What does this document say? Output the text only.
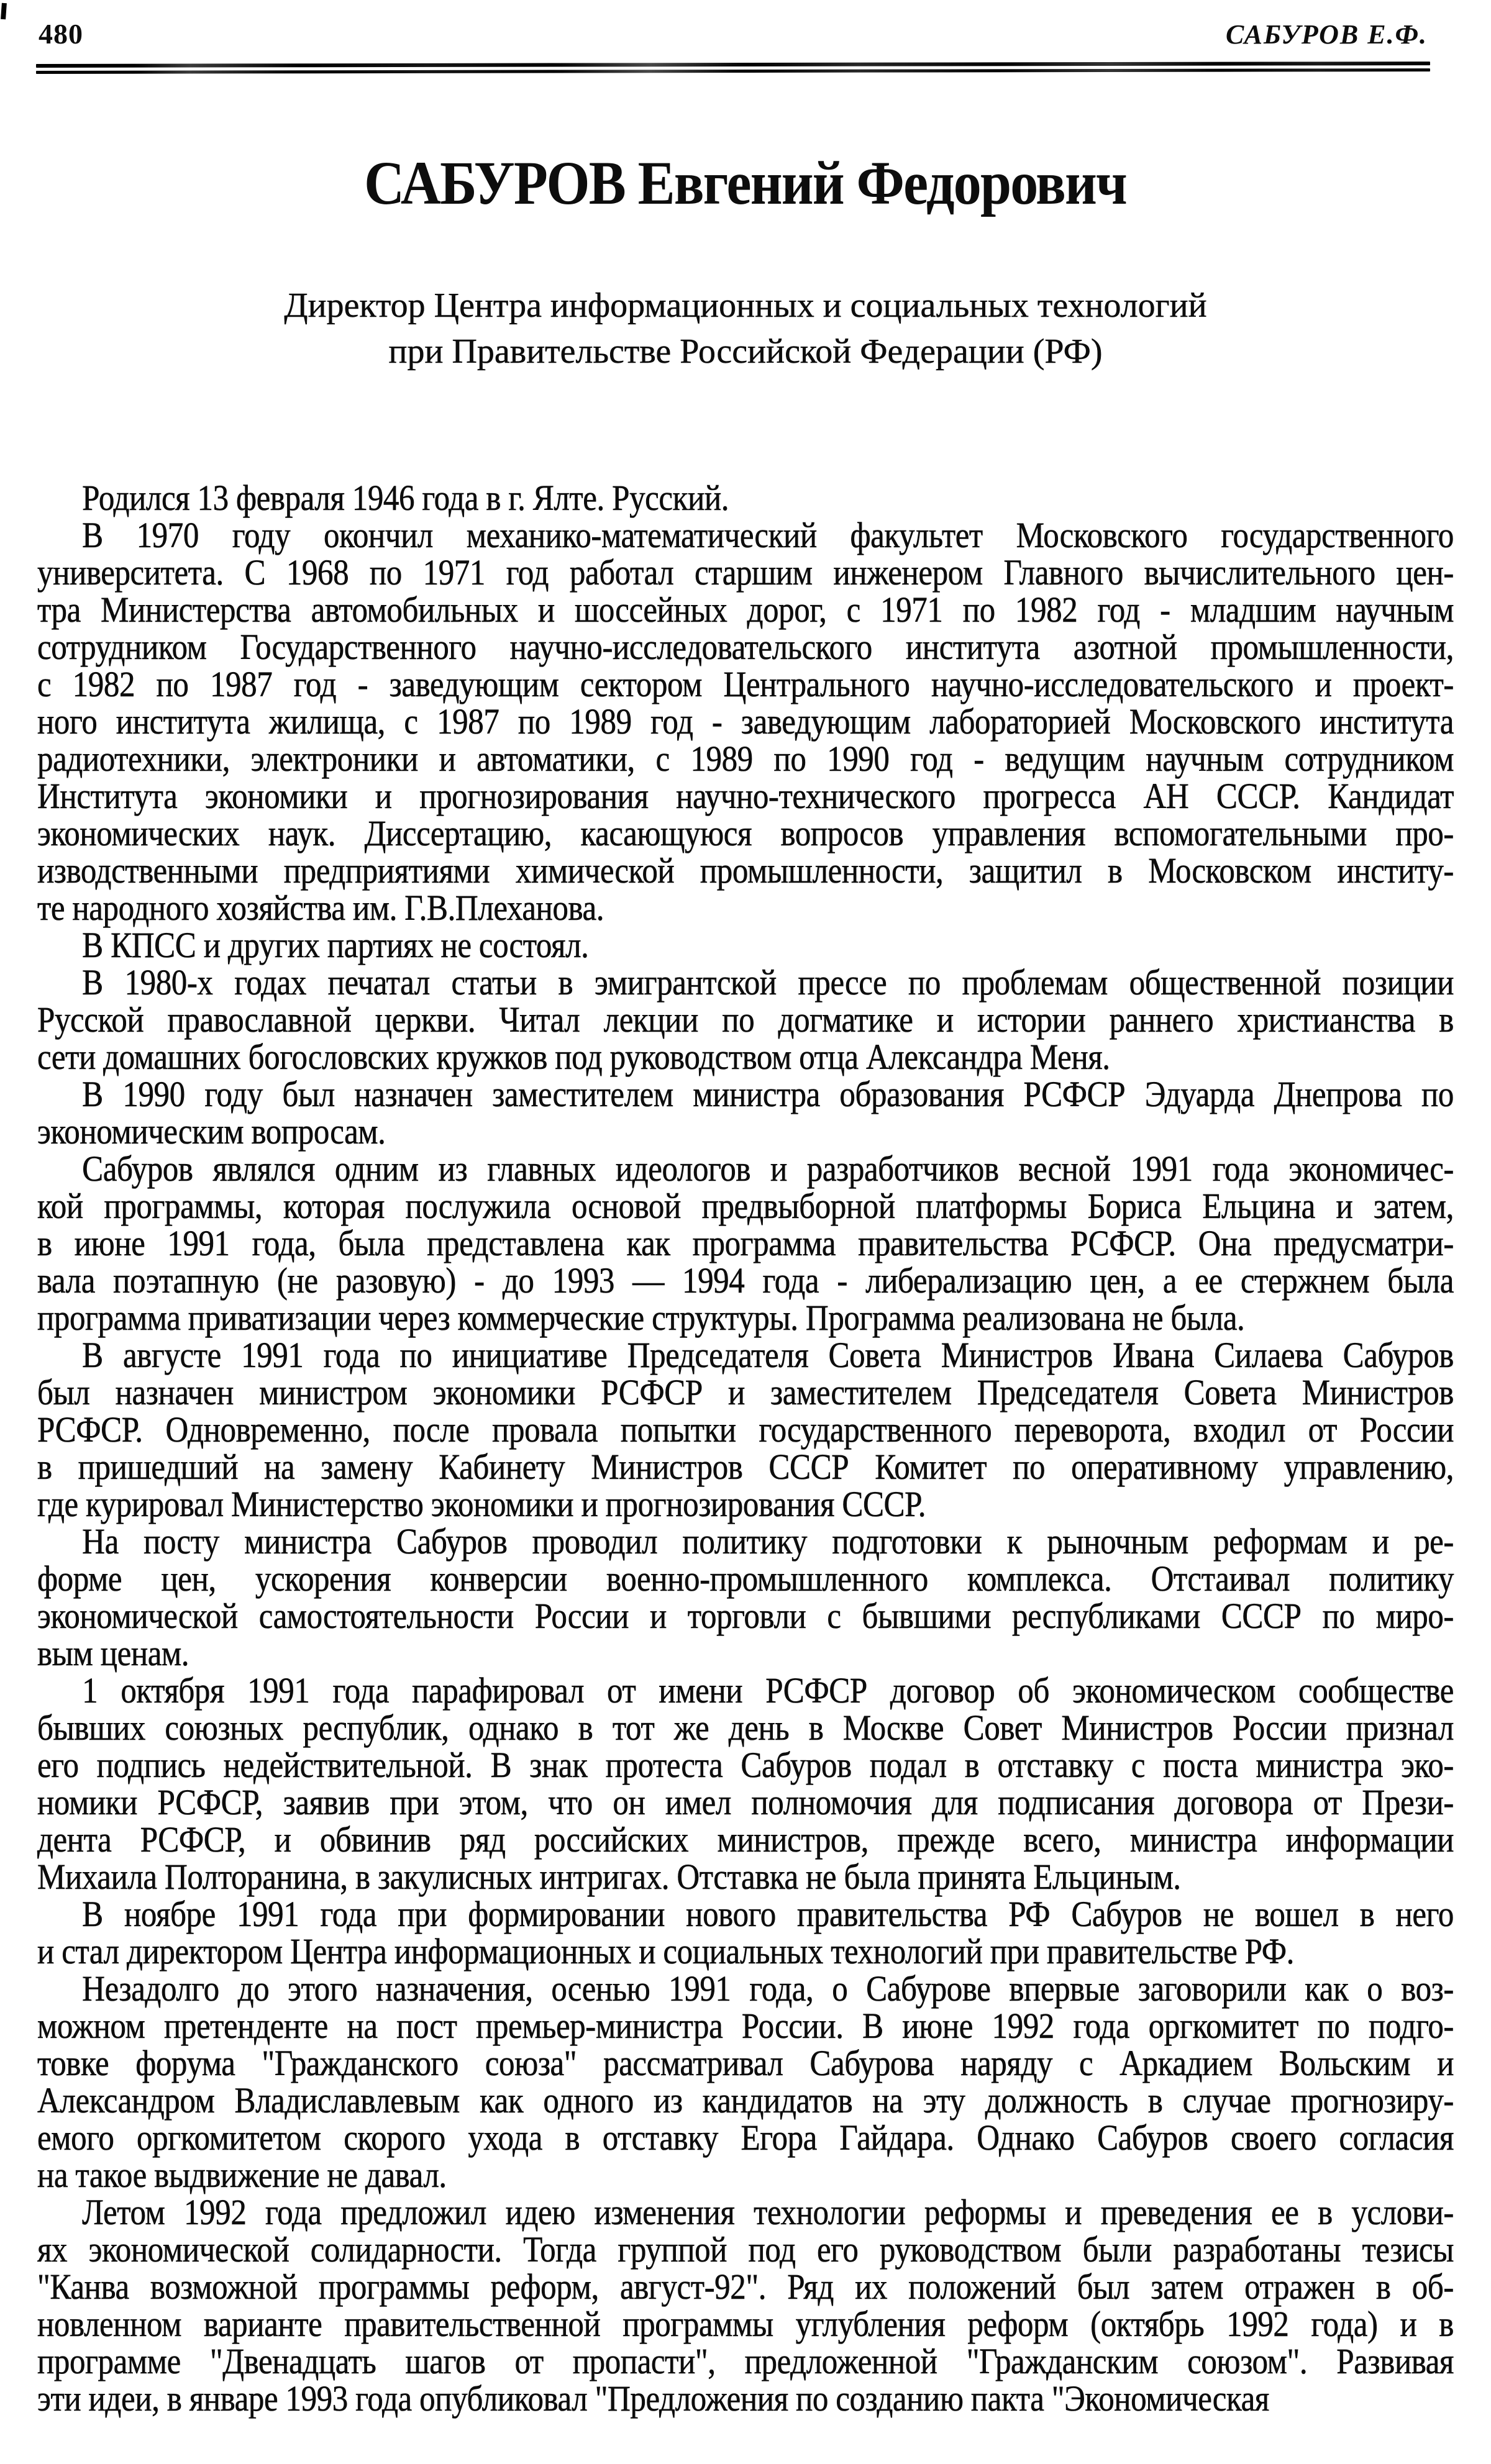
480	САБУРОВ Е.Ф.
САБУРОВ Евгений Федорович
Директор Центра информационных и социальных технологий
при Правительстве Российской Федерации (РФ)
Родился 13 февраля 1946 года в г. Ялте. Русский.
В 1970 году окончил механико-математический факультет Московского государственного
университета. С 1968 по 1971 год работал старшим инженером Главного вычислительного цен-
тра Министерства автомобильных и шоссейных дорог, с 1971 по 1982 год - младшим научным
сотрудником Государственного научно-исследовательского института азотной промышленности,
с 1982 по 1987 год - заведующим сектором Центрального научно-исследовательского и проект-
ного института жилища, с 1987 по 1989 год - заведующим лабораторией Московского института
радиотехники, электроники и автоматики, с 1989 по 1990 год - ведущим научным сотрудником
Института экономики и прогнозирования научно-технического прогресса АН СССР. Кандидат
экономических наук. Диссертацию, касающуюся вопросов управления вспомогательными про-
изводственными предприятиями химической промышленности, защитил в Московском институ-
те народного хозяйства им. Г.В.Плеханова.
В КПСС и других партиях не состоял.
В 1980-х годах печатал статьи в эмигрантской прессе по проблемам общественной позиции
Русской православной церкви. Читал лекции по догматике и истории раннего христианства в
сети домашних богословских кружков под руководством отца Александра Меня.
В 1990 году был назначен заместителем министра образования РСФСР Эдуарда Днепрова по
экономическим вопросам.
Сабуров являлся одним из главных идеологов и разработчиков весной 1991 года экономичес-
кой программы, которая послужила основой предвыборной платформы Бориса Ельцина и затем,
в июне 1991 года, была представлена как программа правительства РСФСР. Она предусматри-
вала поэтапную (не разовую) - до 1993 — 1994 года - либерализацию цен, а ее стержнем была
программа приватизации через коммерческие структуры. Программа реализована не была.
В августе 1991 года по инициативе Председателя Совета Министров Ивана Силаева Сабуров
был назначен министром экономики РСФСР и заместителем Председателя Совета Министров
РСФСР. Одновременно, после провала попытки государственного переворота, входил от России
в пришедший на замену Кабинету Министров СССР Комитет по оперативному управлению,
где курировал Министерство экономики и прогнозирования СССР.
На посту министра Сабуров проводил политику подготовки к рыночным реформам и ре-
форме цен, ускорения конверсии военно-промышленного комплекса. Отстаивал политику
экономической самостоятельности России и торговли с бывшими республиками СССР по миро-
вым ценам.
1 октября 1991 года парафировал от имени РСФСР договор об экономическом сообществе
бывших союзных республик, однако в тот же день в Москве Совет Министров России признал
его подпись недействительной. В знак протеста Сабуров подал в отставку с поста министра эко-
номики РСФСР, заявив при этом, что он имел полномочия для подписания договора от Прези-
дента РСФСР, и обвинив ряд российских министров, прежде всего, министра информации
Михаила Полторанина, в закулисных интригах. Отставка не была принята Ельциным.
В ноябре 1991 года при формировании нового правительства РФ Сабуров не вошел в него
и стал директором Центра информационных и социальных технологий при правительстве РФ.
Незадолго до этого назначения, осенью 1991 года, о Сабурове впервые заговорили как о воз-
можном претенденте на пост премьер-министра России. В июне 1992 года оргкомитет по подго-
товке форума "Гражданского союза" рассматривал Сабурова наряду с Аркадием Вольским и
Александром Владиславлевым как одного из кандидатов на эту должность в случае прогнозиру-
емого оргкомитетом скорого ухода в отставку Егора Гайдара. Однако Сабуров своего согласия
на такое выдвижение не давал.
Летом 1992 года предложил идею изменения технологии реформы и преведения ее в услови-
ях экономической солидарности. Тогда группой под его руководством были разработаны тезисы
"Канва возможной программы реформ, август-92". Ряд их положений был затем отражен в об-
новленном варианте правительственной программы углубления реформ (октябрь 1992 года) и в
программе "Двенадцать шагов от пропасти", предложенной "Гражданским союзом". Развивая
эти идеи, в январе 1993 года опубликовал "Предложения по созданию пакта "Экономическая
